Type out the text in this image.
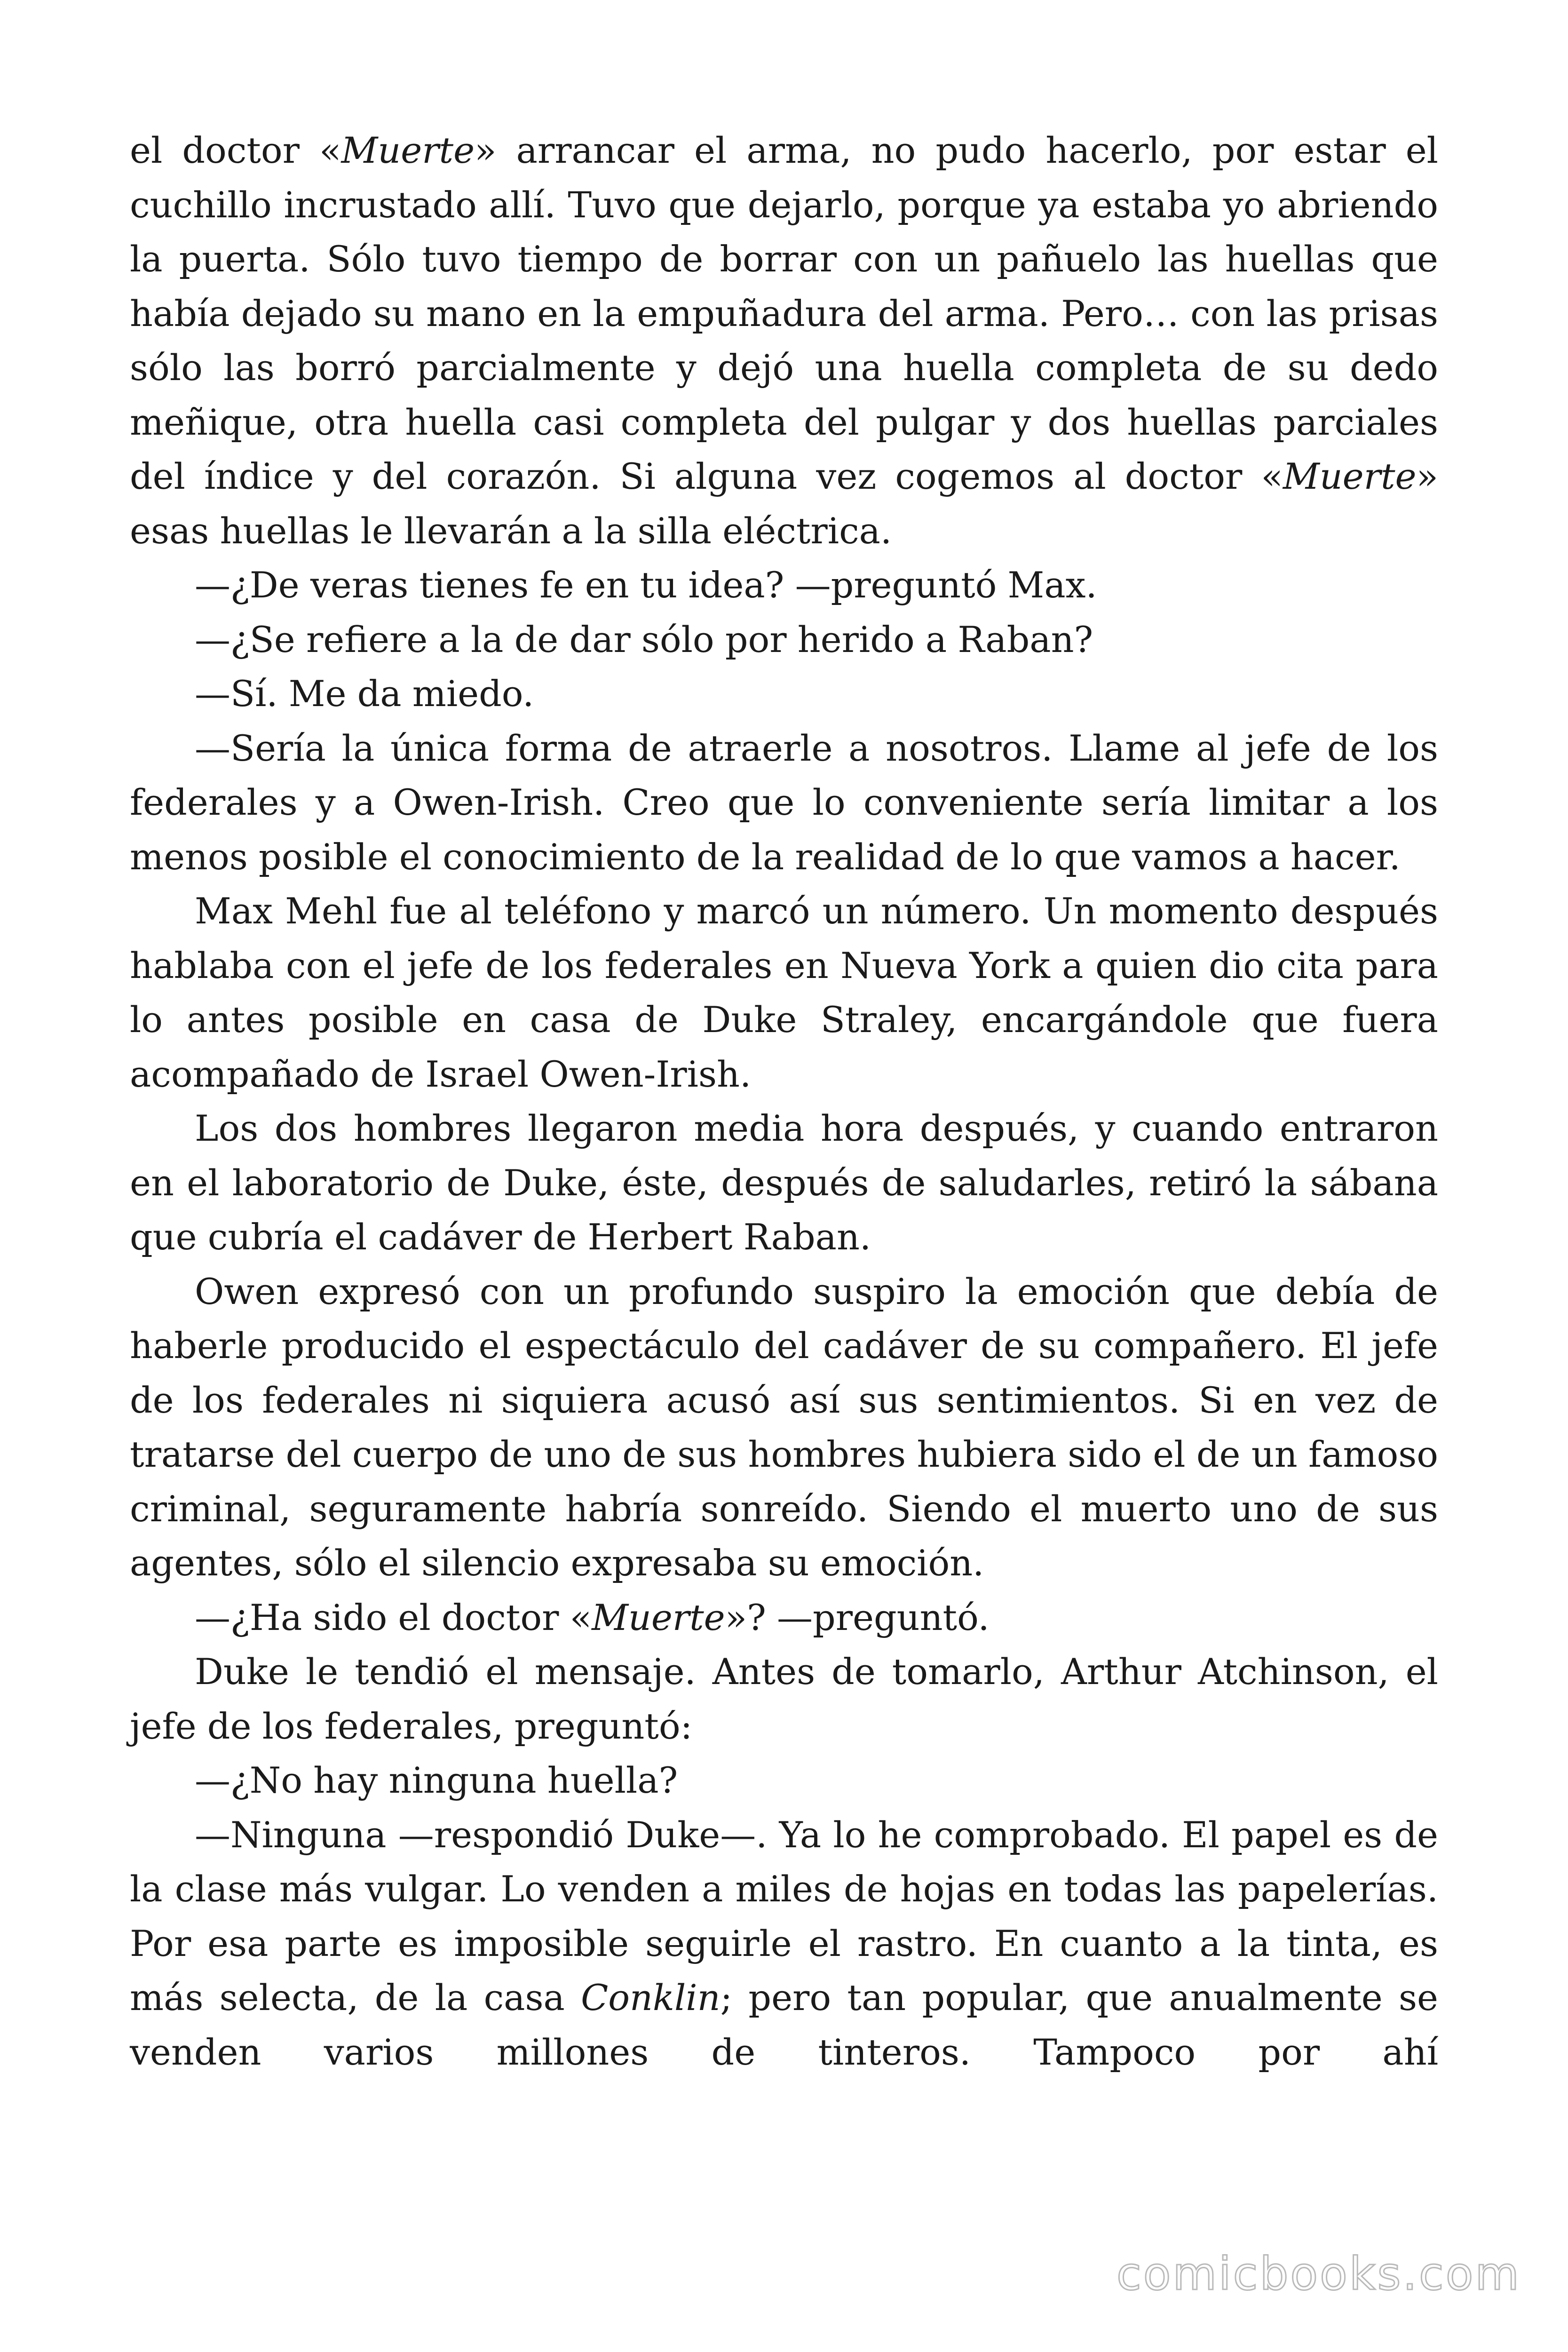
el doctor «Muerte» arrancar el arma, no pudo hacerlo, por estar el cuchillo incrustado allí. Tuvo que dejarlo, porque ya estaba yo abriendo la puerta. Sólo tuvo tiempo de borrar con un pañuelo las huellas que había dejado su mano en la empuñadura del arma. Pero… con las prisas sólo las borró parcialmente y dejó una huella completa de su dedo meñique, otra huella casi completa del pulgar y dos huellas parciales del índice y del corazón. Si alguna vez cogemos al doctor «Muerte» esas huellas le llevarán a la silla eléctrica.

—¿De veras tienes fe en tu idea? —preguntó Max.

—¿Se refiere a la de dar sólo por herido a Raban?

—Sí. Me da miedo.

—Sería la única forma de atraerle a nosotros. Llame al jefe de los federales y a Owen-Irish. Creo que lo conveniente sería limitar a los menos posible el conocimiento de la realidad de lo que vamos a hacer.

Max Mehl fue al teléfono y marcó un número. Un momento después hablaba con el jefe de los federales en Nueva York a quien dio cita para lo antes posible en casa de Duke Straley, encargándole que fuera acompañado de Israel Owen-Irish.

Los dos hombres llegaron media hora después, y cuando entraron en el laboratorio de Duke, éste, después de saludarles, retiró la sábana que cubría el cadáver de Herbert Raban.

Owen expresó con un profundo suspiro la emoción que debía de haberle producido el espectáculo del cadáver de su compañero. El jefe de los federales ni siquiera acusó así sus sentimientos. Si en vez de tratarse del cuerpo de uno de sus hombres hubiera sido el de un famoso criminal, seguramente habría sonreído. Siendo el muerto uno de sus agentes, sólo el silencio expresaba su emoción.

—¿Ha sido el doctor «Muerte»? —preguntó.

Duke le tendió el mensaje. Antes de tomarlo, Arthur Atchinson, el jefe de los federales, preguntó:

—¿No hay ninguna huella?

—Ninguna —respondió Duke—. Ya lo he comprobado. El papel es de la clase más vulgar. Lo venden a miles de hojas en todas las papelerías. Por esa parte es imposible seguirle el rastro. En cuanto a la tinta, es más selecta, de la casa Conklin; pero tan popular, que anualmente se venden varios millones de tinteros. Tampoco por ahí

comicbooks.com
